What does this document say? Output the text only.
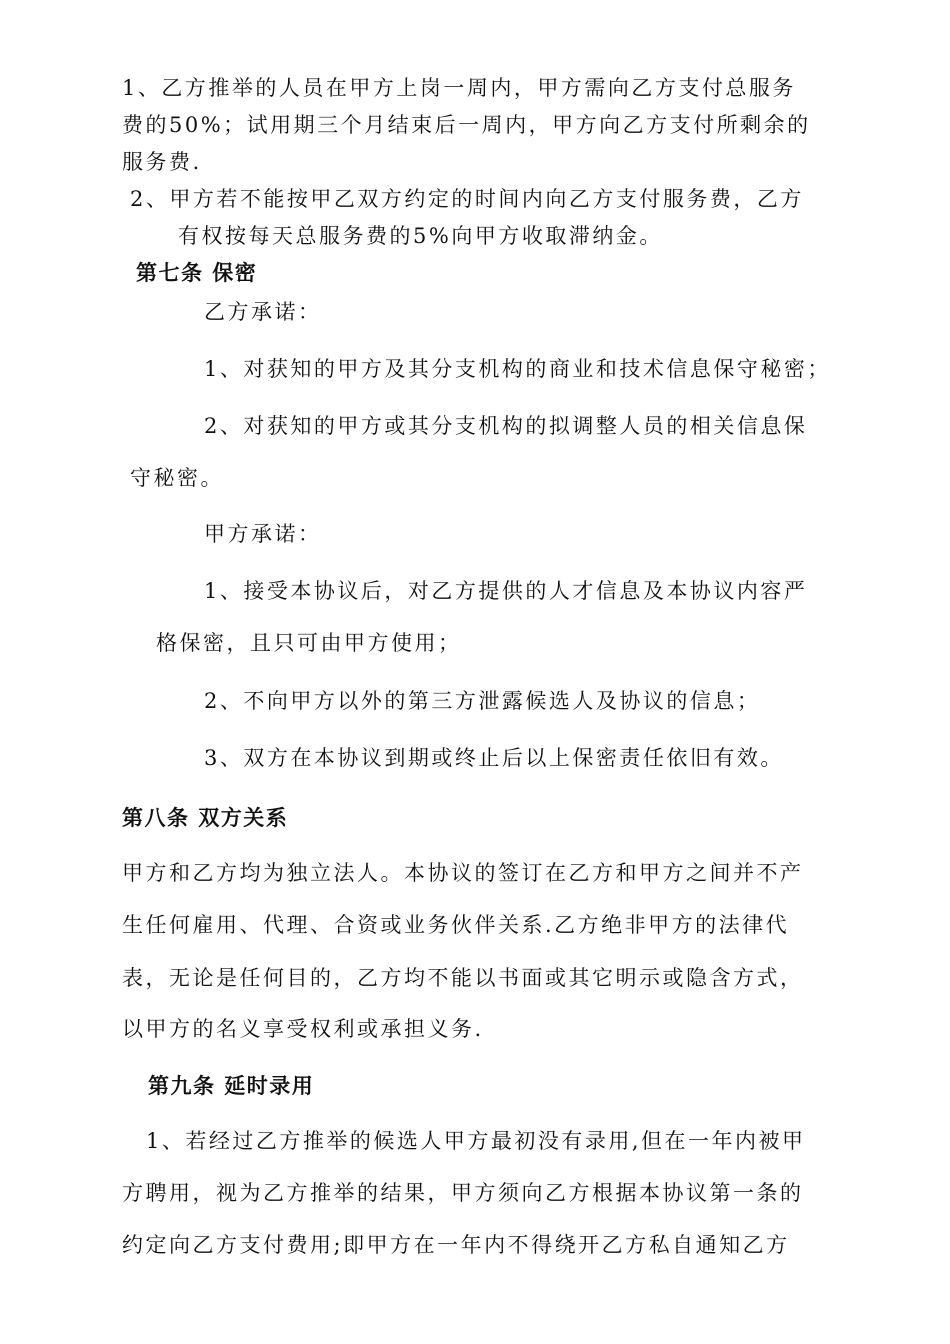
1、乙方推举的人员在甲方上岗一周内，甲方需向乙方支付总服务
费的50%；试用期三个月结束后一周内，甲方向乙方支付所剩余的
服务费.
2、甲方若不能按甲乙双方约定的时间内向乙方支付服务费，乙方
有权按每天总服务费的5%向甲方收取滞纳金。
第七条 保密
乙方承诺：
1、对获知的甲方及其分支机构的商业和技术信息保守秘密；
2、对获知的甲方或其分支机构的拟调整人员的相关信息保
守秘密。
甲方承诺：
1、接受本协议后，对乙方提供的人才信息及本协议内容严
格保密，且只可由甲方使用；
2、不向甲方以外的第三方泄露候选人及协议的信息；
3、双方在本协议到期或终止后以上保密责任依旧有效。
第八条 双方关系
甲方和乙方均为独立法人。本协议的签订在乙方和甲方之间并不产
生任何雇用、代理、合资或业务伙伴关系.乙方绝非甲方的法律代
表，无论是任何目的，乙方均不能以书面或其它明示或隐含方式，
以甲方的名义享受权利或承担义务.
第九条 延时录用
1、若经过乙方推举的候选人甲方最初没有录用,但在一年内被甲
方聘用，视为乙方推举的结果，甲方须向乙方根据本协议第一条的
约定向乙方支付费用;即甲方在一年内不得绕开乙方私自通知乙方
